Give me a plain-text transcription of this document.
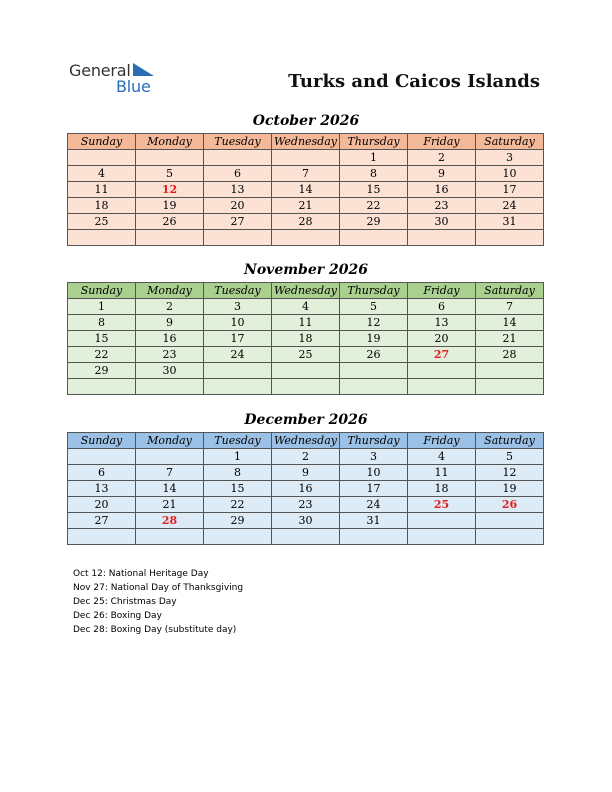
General
Blue	Turks and Caicos Islands
October 2026
Sunday	Monday	Tuesday	Wednesday	Thursday	Friday	Saturday
				1	2	3
4	5	6	7	8	9	10
11	12	13	14	15	16	17
18	19	20	21	22	23	24
25	26	27	28	29	30	31

November 2026
Sunday	Monday	Tuesday	Wednesday	Thursday	Friday	Saturday
1	2	3	4	5	6	7
8	9	10	11	12	13	14
15	16	17	18	19	20	21
22	23	24	25	26	27	28
29	30					

December 2026
Sunday	Monday	Tuesday	Wednesday	Thursday	Friday	Saturday
		1	2	3	4	5
6	7	8	9	10	11	12
13	14	15	16	17	18	19
20	21	22	23	24	25	26
27	28	29	30	31		

Oct 12: National Heritage Day
Nov 27: National Day of Thanksgiving
Dec 25: Christmas Day
Dec 26: Boxing Day
Dec 28: Boxing Day (substitute day)
